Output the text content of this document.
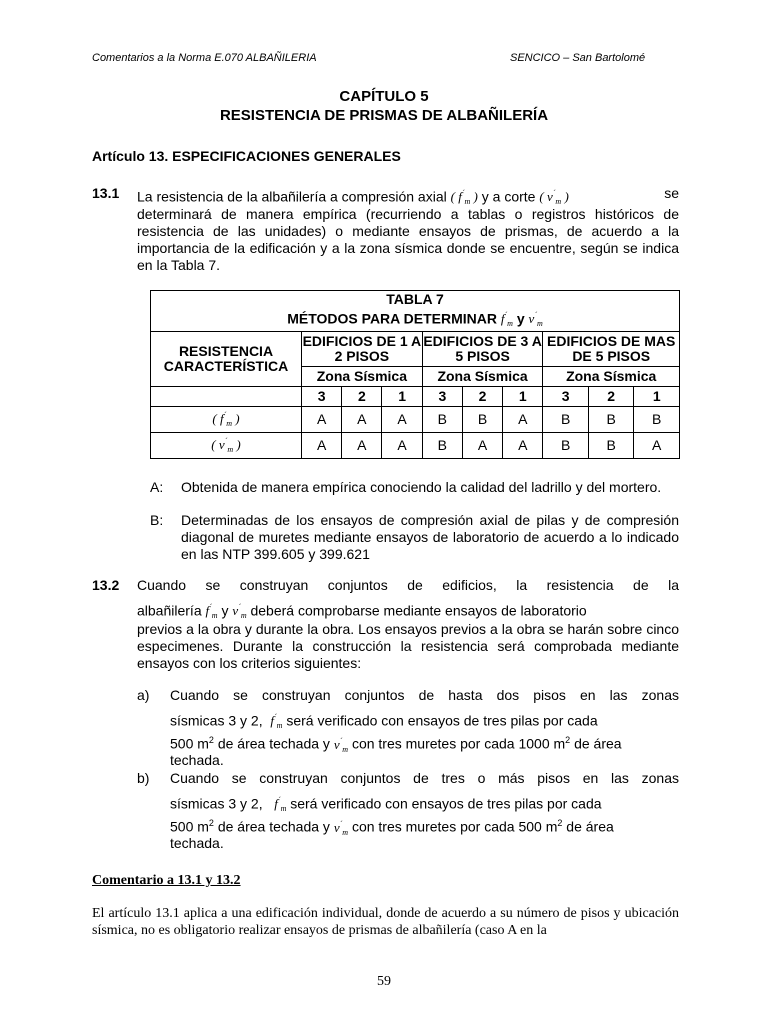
Comentarios a la Norma E.070 ALBAÑILERIA	SENCICO – San Bartolomé
CAPÍTULO 5
RESISTENCIA DE PRISMAS DE ALBAÑILERÍA
Artículo 13. ESPECIFICACIONES GENERALES
13.1 La resistencia de la albañilería a compresión axial ( $f^´_m$ ) y a corte ( $v^´_m$ )	se
determinará de manera empírica (recurriendo a tablas o registros históricos de resistencia de las unidades) o mediante ensayos de prismas, de acuerdo a la importancia de la edificación y a la zona sísmica donde se encuentre, según se indica en la Tabla 7.
TABLA 7									
MÉTODOS PARA DETERMINAR $f^´_m$ y $v^´_m$
RESISTENCIA CARACTERÍSTICA	EDIFICIOS DE 1 A 2 PISOS			EDIFICIOS DE 3 A 5 PISOS			EDIFICIOS DE MAS DE 5 PISOS		
	Zona Sísmica			Zona Sísmica			Zona Sísmica		
	3	2	1	3	2	1	3	2	1
( $f^´_m$ )	A	A	A	B	B	A	B	B	B
( $v^´_m$ )	A	A	A	B	A	A	B	B	A
A: Obtenida de manera empírica conociendo la calidad del ladrillo y del mortero.
B: Determinadas de los ensayos de compresión axial de pilas y de compresión diagonal de muretes mediante ensayos de laboratorio de acuerdo a lo indicado en las NTP 399.605 y 399.621
13.2 Cuando se construyan conjuntos de edificios, la resistencia de la
albañilería $f^´_m$ y $v^´_m$ deberá comprobarse mediante ensayos de laboratorio
previos a la obra y durante la obra. Los ensayos previos a la obra se harán sobre cinco especimenes. Durante la construcción la resistencia será comprobada mediante ensayos con los criterios siguientes:
a) Cuando se construyan conjuntos de hasta dos pisos en las zonas
sísmicas 3 y 2, $f^´_m$ será verificado con ensayos de tres pilas por cada
500 $m^2$ de área techada y $v^´_m$ con tres muretes por cada 1000 $m^2$ de área
techada.
b) Cuando se construyan conjuntos de tres o más pisos en las zonas
sísmicas 3 y 2, $f^´_m$ será verificado con ensayos de tres pilas por cada
500 $m^2$ de área techada y $v^´_m$ con tres muretes por cada 500 $m^2$ de área
techada.
Comentario a 13.1 y 13.2
El artículo 13.1 aplica a una edificación individual, donde de acuerdo a su número de pisos y ubicación sísmica, no es obligatorio realizar ensayos de prismas de albañilería (caso A en la
59
